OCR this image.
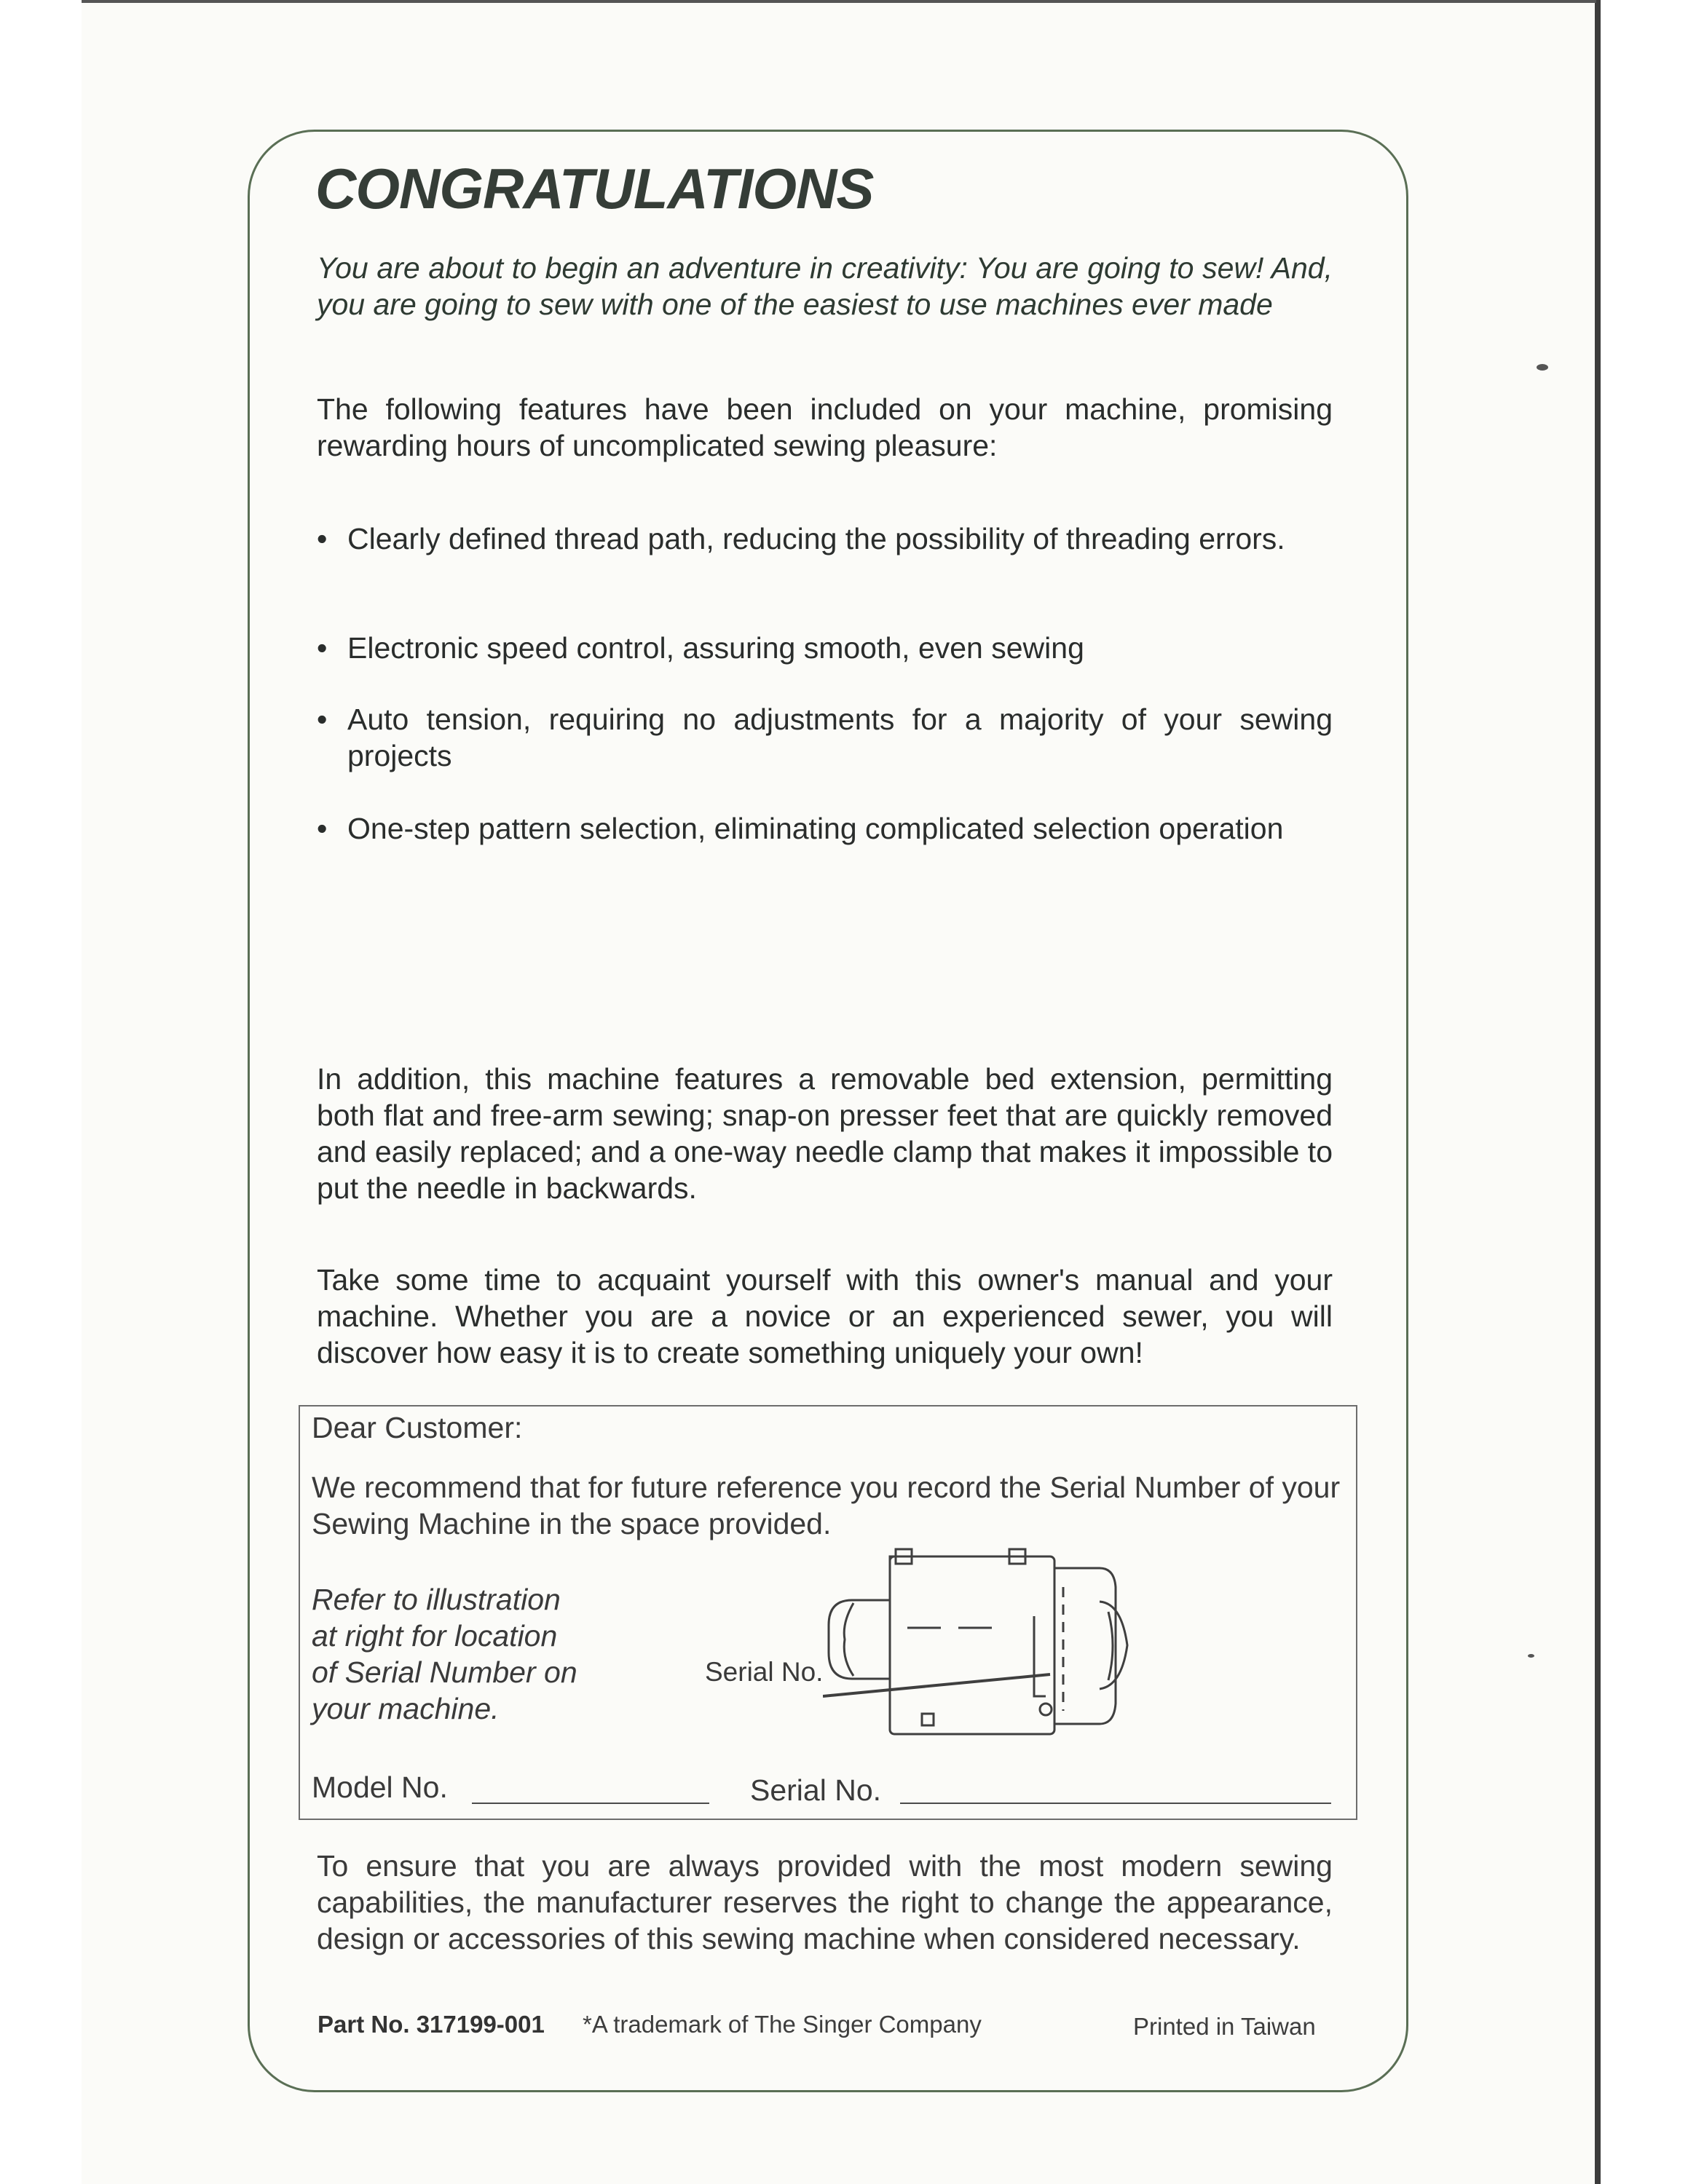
CONGRATULATIONS
You are about to begin an adventure in creativity: You are going to sew! And, you are going to sew with one of the easiest to use machines ever made
The following features have been included on your machine, promising rewarding hours of uncomplicated sewing pleasure:
• Clearly defined thread path, reducing the possibility of threading errors.
• Electronic speed control, assuring smooth, even sewing
• Auto tension, requiring no adjustments for a majority of your sewing projects
• One-step pattern selection, eliminating complicated selection operation
In addition, this machine features a removable bed extension, permitting both flat and free-arm sewing; snap-on presser feet that are quickly removed and easily replaced; and a one-way needle clamp that makes it impossible to put the needle in backwards.
Take some time to acquaint yourself with this owner's manual and your machine. Whether you are a novice or an experienced sewer, you will discover how easy it is to create something uniquely your own!
Dear Customer:
We recommend that for future reference you record the Serial Number of your Sewing Machine in the space provided.
Refer to illustration
at right for location
of Serial Number on
your machine.
Serial No.
Model No.	Serial No.
To ensure that you are always provided with the most modern sewing capabilities, the manufacturer reserves the right to change the appearance, design or accessories of this sewing machine when considered necessary.
Part No. 317199-001 *A trademark of The Singer Company	Printed in Taiwan
